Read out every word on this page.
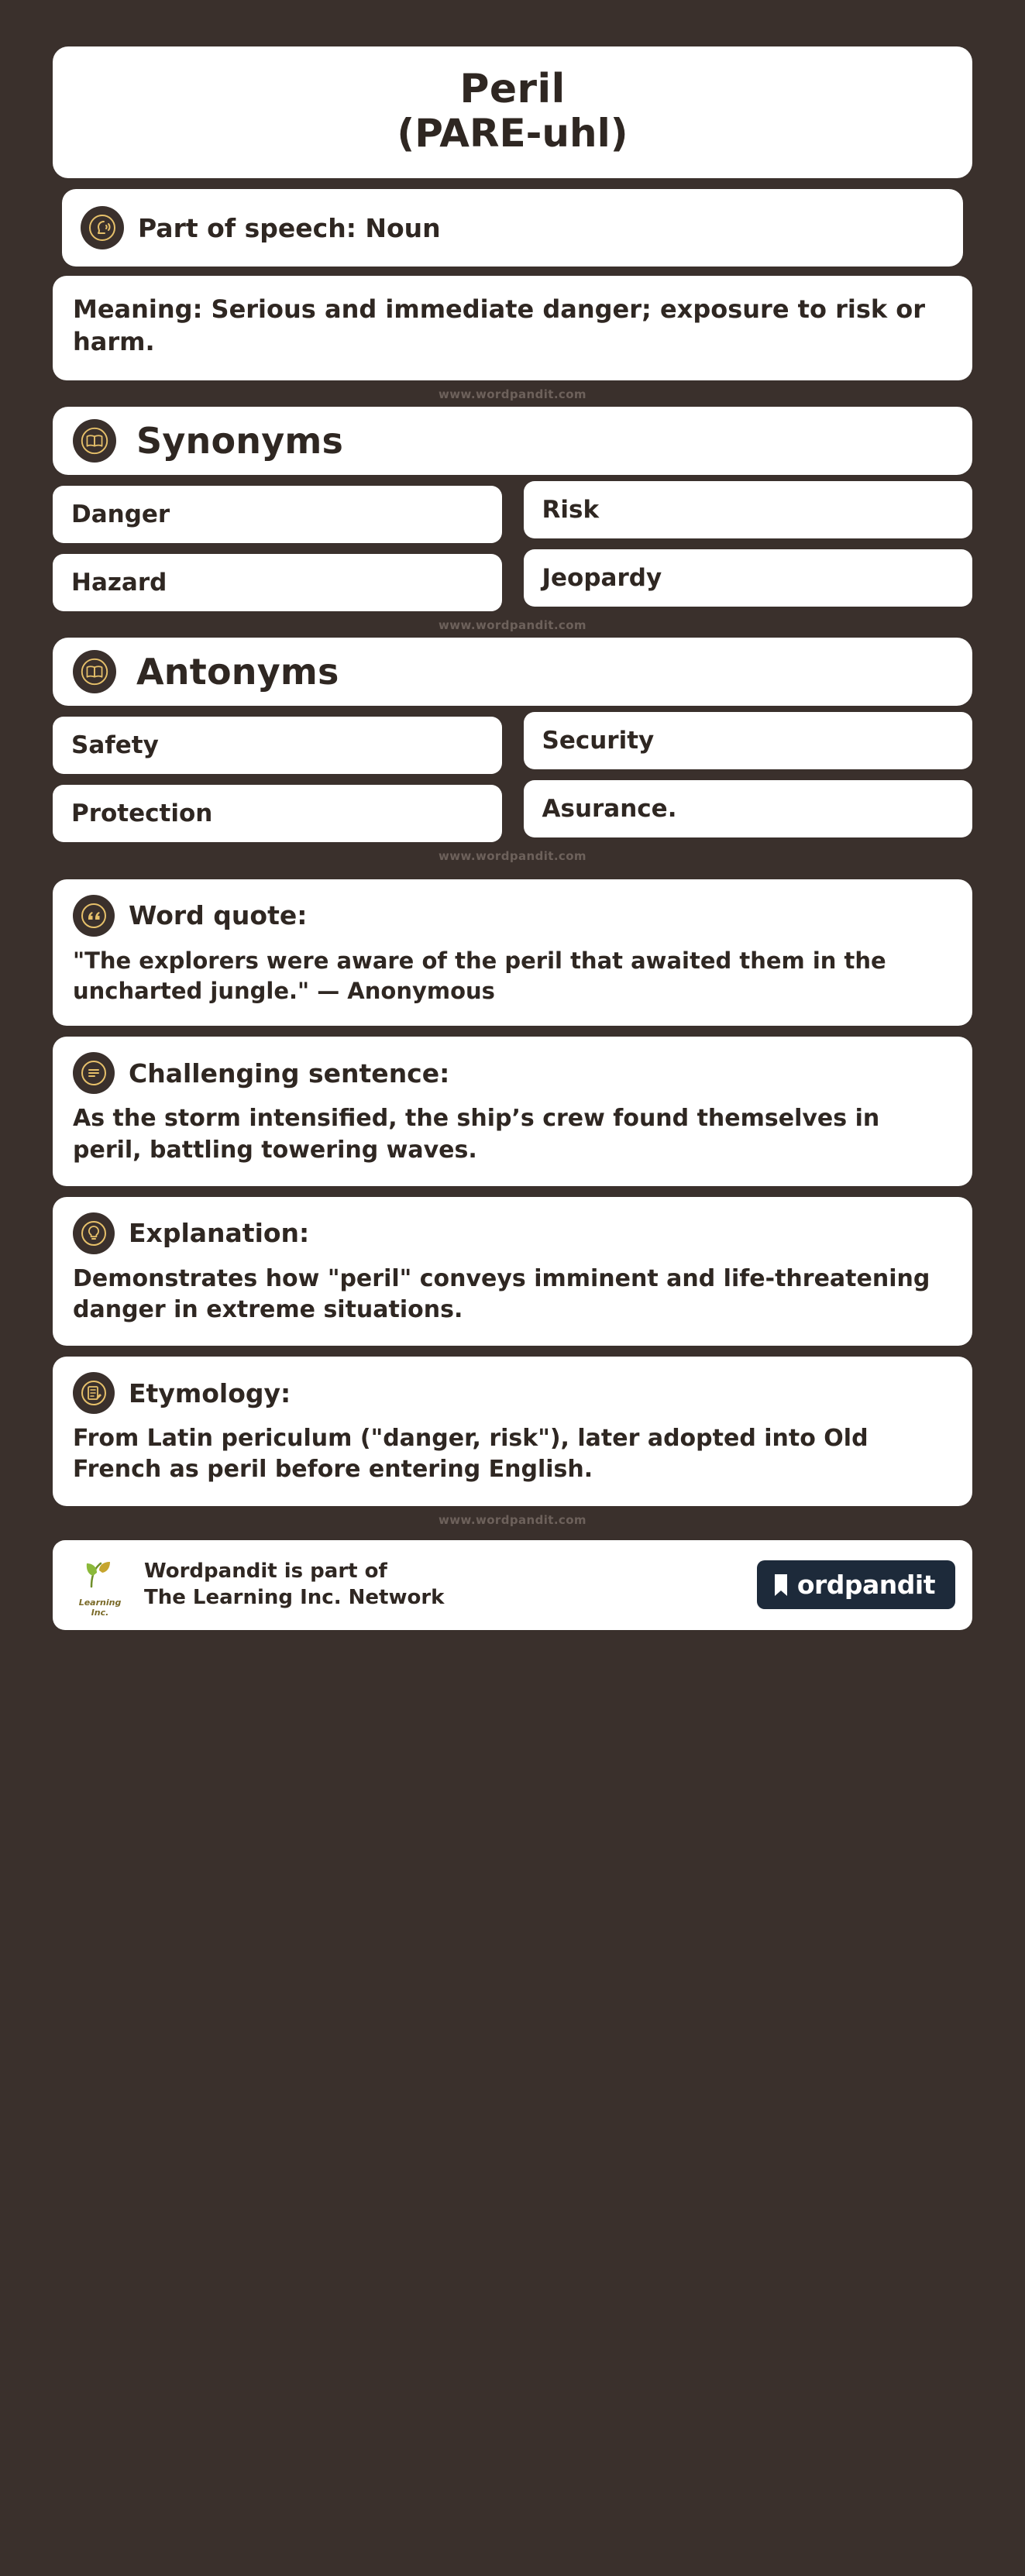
Peril
(PARE-uhl)
Part of speech: Noun
Meaning: Serious and immediate danger; exposure to risk or harm.
www.wordpandit.com
Synonyms
Danger	Risk
Hazard	Jeopardy
www.wordpandit.com
Antonyms
Safety	Security
Protection	Asurance.
www.wordpandit.com
Word quote:
"The explorers were aware of the peril that awaited them in the uncharted jungle." — Anonymous
Challenging sentence:
As the storm intensified, the ship’s crew found themselves in peril, battling towering waves.
Explanation:
Demonstrates how "peril" conveys imminent and life-threatening danger in extreme situations.
Etymology:
From Latin periculum ("danger, risk"), later adopted into Old French as peril before entering English.
www.wordpandit.com
Learning Inc.
Wordpandit is part of
The Learning Inc. Network	ordpandit
